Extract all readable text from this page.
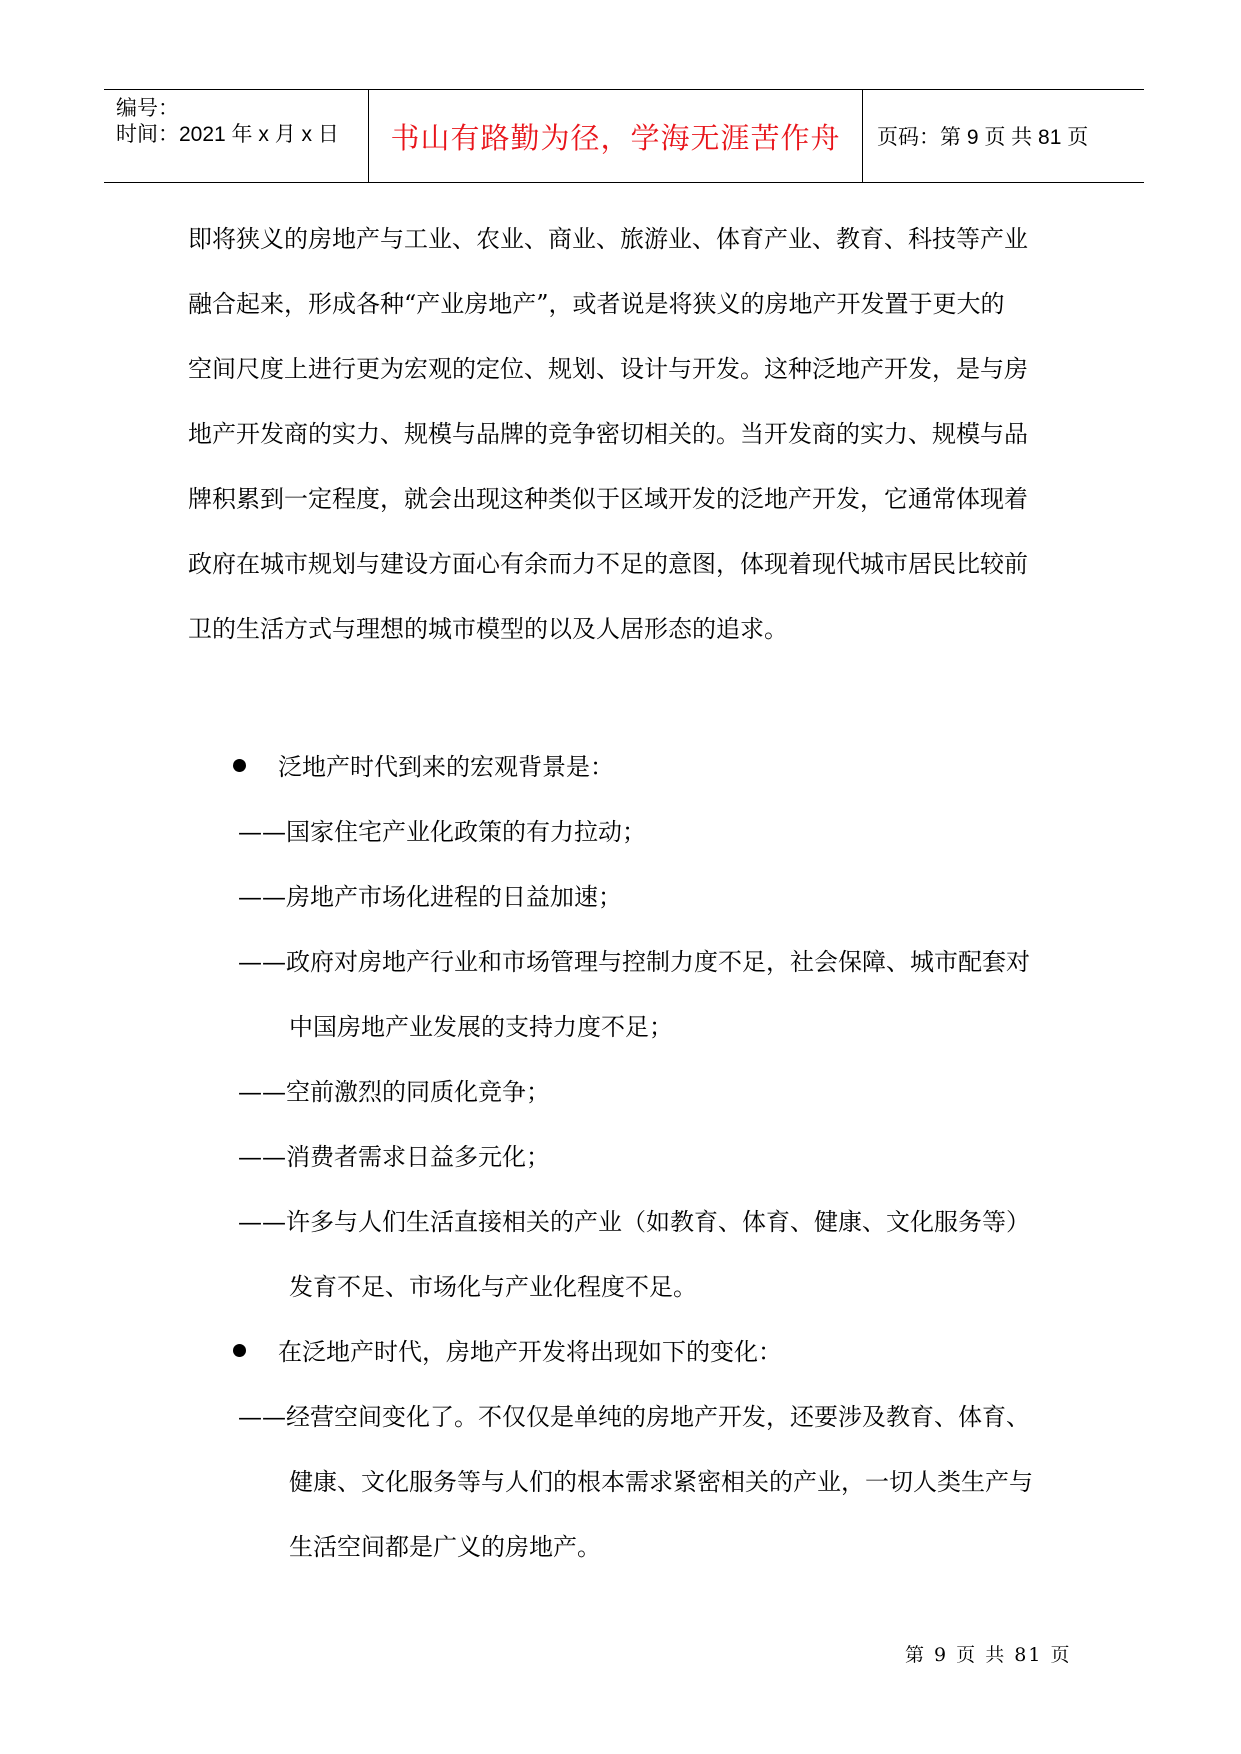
编号：
时间：2021 年 x 月 x 日 书山有路勤为径，学海无涯苦作舟 页码：第 9 页 共 81 页

即将狭义的房地产与工业、农业、商业、旅游业、体育产业、教育、科技等产业

融合起来，形成各种“产业房地产”，或者说是将狭义的房地产开发置于更大的

空间尺度上进行更为宏观的定位、规划、设计与开发。这种泛地产开发，是与房

地产开发商的实力、规模与品牌的竞争密切相关的。当开发商的实力、规模与品

牌积累到一定程度，就会出现这种类似于区域开发的泛地产开发，它通常体现着

政府在城市规划与建设方面心有余而力不足的意图，体现着现代城市居民比较前

卫的生活方式与理想的城市模型的以及人居形态的追求。

泛地产时代到来的宏观背景是：
——国家住宅产业化政策的有力拉动；
——房地产市场化进程的日益加速；
——政府对房地产行业和市场管理与控制力度不足，社会保障、城市配套对
中国房地产业发展的支持力度不足；
——空前激烈的同质化竞争；
——消费者需求日益多元化；
——许多与人们生活直接相关的产业（如教育、体育、健康、文化服务等）
发育不足、市场化与产业化程度不足。
在泛地产时代，房地产开发将出现如下的变化：
——经营空间变化了。不仅仅是单纯的房地产开发，还要涉及教育、体育、
健康、文化服务等与人们的根本需求紧密相关的产业，一切人类生产与
生活空间都是广义的房地产。
第 9 页 共 81 页
